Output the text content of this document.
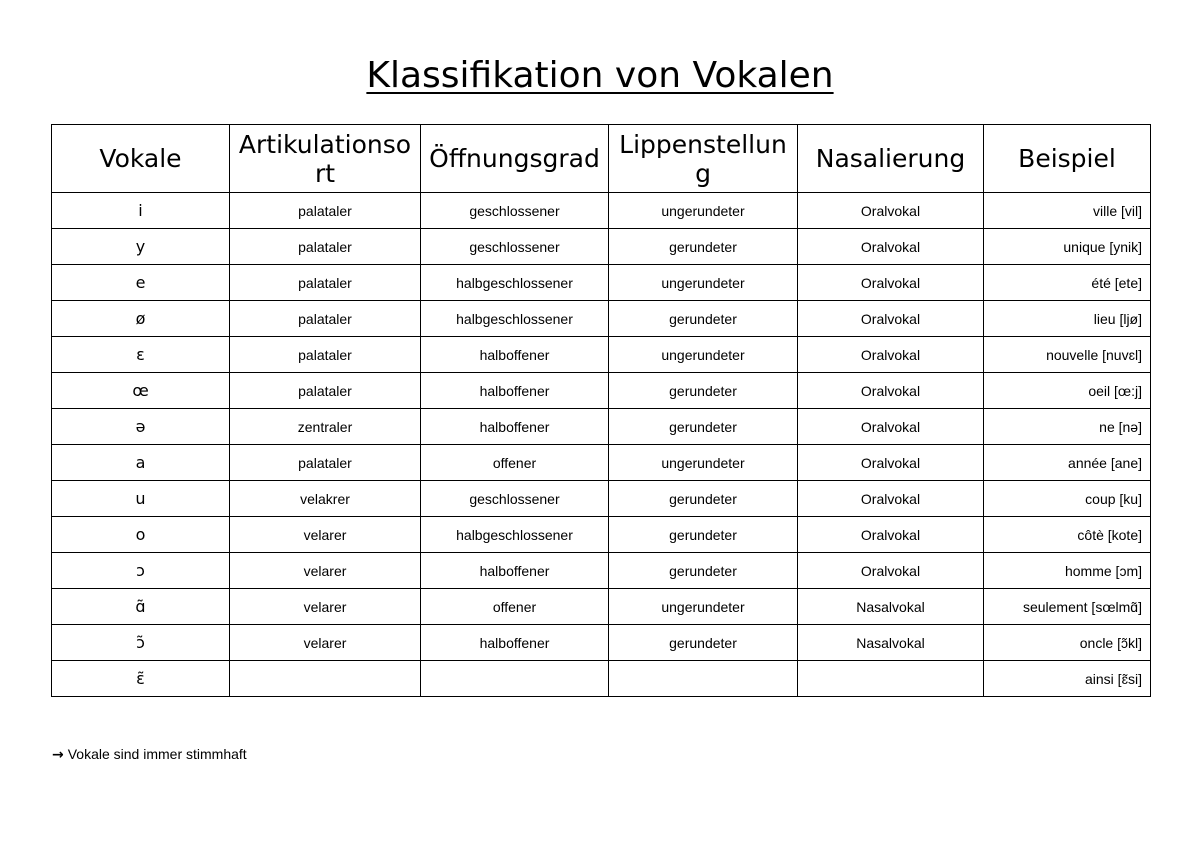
Klassifikation von Vokalen
Vokale	Artikulationsort	Öffnungsgrad	Lippenstellung	Nasalierung	Beispiel
i	palataler	geschlossener	ungerundeter	Oralvokal	ville [vil]
y	palataler	geschlossener	gerundeter	Oralvokal	unique [ynik]
e	palataler	halbgeschlossener	ungerundeter	Oralvokal	été [ete]
ø	palataler	halbgeschlossener	gerundeter	Oralvokal	lieu [ljø]
ɛ	palataler	halboffener	ungerundeter	Oralvokal	nouvelle [nuvɛl]
œ	palataler	halboffener	gerundeter	Oralvokal	oeil [œ:j]
ə	zentraler	halboffener	gerundeter	Oralvokal	ne [nə]
a	palataler	offener	ungerundeter	Oralvokal	année [ane]
u	velakrer	geschlossener	gerundeter	Oralvokal	coup [ku]
o	velarer	halbgeschlossener	gerundeter	Oralvokal	côtè [kote]
ɔ	velarer	halboffener	gerundeter	Oralvokal	homme [ɔm]
ɑ̃	velarer	offener	ungerundeter	Nasalvokal	seulement [sœlmɑ̃]
ɔ̃	velarer	halboffener	gerundeter	Nasalvokal	oncle [ɔ̃kl]
ɛ̃					ainsi [ɛ̃si]
→ Vokale sind immer stimmhaft
